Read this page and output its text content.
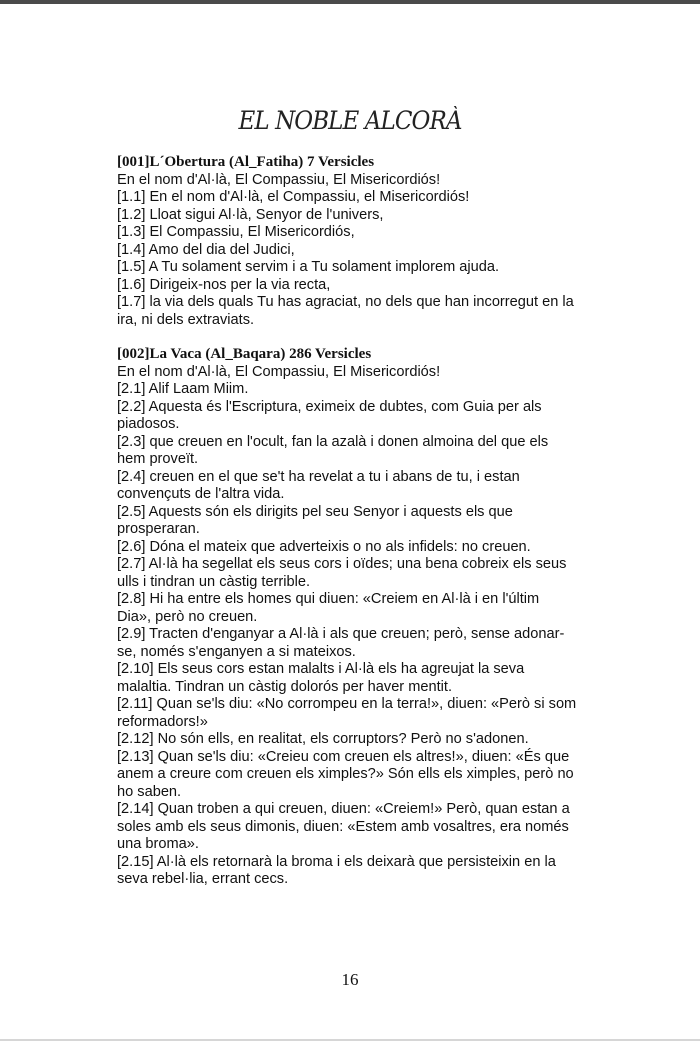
EL NOBLE ALCORÀ
[001]L´Obertura (Al_Fatiha) 7 Versicles
En el nom d'Al·là, El Compassiu, El Misericordiós!
[1.1] En el nom d'Al·là, el Compassiu, el Misericordiós!
[1.2] Lloat sigui Al·là, Senyor de l'univers,
[1.3] El Compassiu, El Misericordiós,
[1.4] Amo del dia del Judici,
[1.5] A Tu solament servim i a Tu solament implorem ajuda.
[1.6] Dirigeix-nos per la via recta,
[1.7] la via dels quals Tu has agraciat, no dels que han incorregut en la ira, ni dels extraviats.
[002]La Vaca (Al_Baqara) 286 Versicles
En el nom d'Al·là, El Compassiu, El Misericordiós!
[2.1] Alif Laam Miim.
[2.2] Aquesta és l'Escriptura, eximeix de dubtes, com Guia per als piadosos.
[2.3] que creuen en l'ocult, fan la azalà i donen almoina del que els hem proveït.
[2.4] creuen en el que se't ha revelat a tu i abans de tu, i estan convençuts de l'altra vida.
[2.5] Aquests són els dirigits pel seu Senyor i aquests els que prosperaran.
[2.6] Dóna el mateix que adverteixis o no als infidels: no creuen.
[2.7] Al·là ha segellat els seus cors i oïdes; una bena cobreix els seus ulls i tindran un càstig terrible.
[2.8] Hi ha entre els homes qui diuen: «Creiem en Al·là i en l'últim Dia», però no creuen.
[2.9] Tracten d'enganyar a Al·là i als que creuen; però, sense adonar-se, només s'enganyen a si mateixos.
[2.10] Els seus cors estan malalts i Al·là els ha agreujat la seva malaltia. Tindran un càstig dolorós per haver mentit.
[2.11] Quan se'ls diu: «No corrompeu en la terra!», diuen: «Però si som reformadors!»
[2.12] No són ells, en realitat, els corruptors? Però no s'adonen.
[2.13] Quan se'ls diu: «Creieu com creuen els altres!», diuen: «És que anem a creure com creuen els ximples?» Són ells els ximples, però no ho saben.
[2.14] Quan troben a qui creuen, diuen: «Creiem!» Però, quan estan a soles amb els seus dimonis, diuen: «Estem amb vosaltres, era només una broma».
[2.15] Al·là els retornarà la broma i els deixarà que persisteixin en la seva rebel·lia, errant cecs.
16
